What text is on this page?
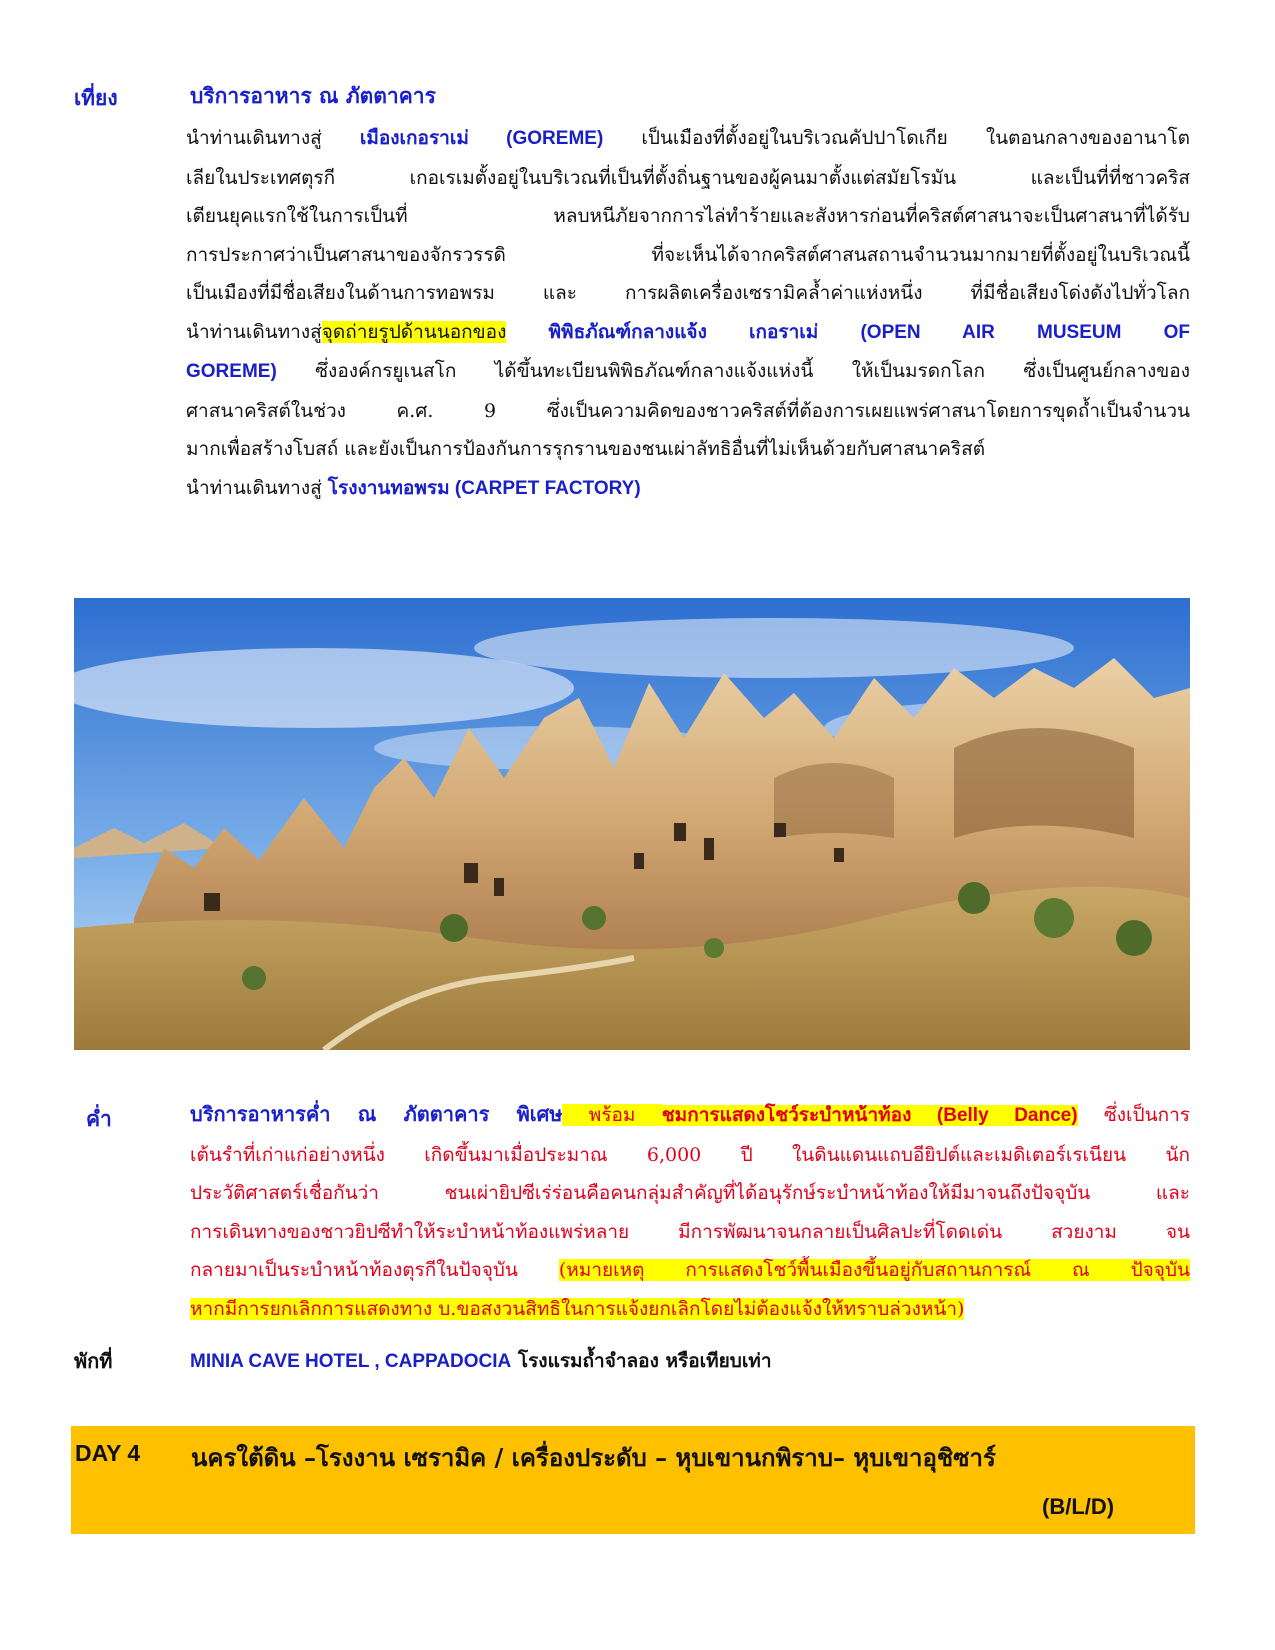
เที่ยง	บริการอาหาร ณ ภัตตาคาร

นำท่านเดินทางสู่ เมืองเกอราเม่ (GOREME) เป็นเมืองที่ตั้งอยู่ในบริเวณคัปปาโดเกีย ในตอนกลางของอานาโต

เลียในประเทศตุรกี เกอเรเมตั้งอยู่ในบริเวณที่เป็นที่ตั้งถิ่นฐานของผู้คนมาตั้งแต่สมัยโรมัน และเป็นที่ที่ชาวคริส

เตียนยุคแรกใช้ในการเป็นที่ หลบหนีภัยจากการไล่ทำร้ายและสังหารก่อนที่คริสต์ศาสนาจะเป็นศาสนาที่ได้รับ

การประกาศว่าเป็นศาสนาของจักรวรรดิ ที่จะเห็นได้จากคริสต์ศาสนสถานจำนวนมากมายที่ตั้งอยู่ในบริเวณนี้

เป็นเมืองที่มีชื่อเสียงในด้านการทอพรม และ การผลิตเครื่องเซรามิคล้ำค่าแห่งหนึ่ง ที่มีชื่อเสียงโด่งดังไปทั่วโลก

นำท่านเดินทางสู่จุดถ่ายรูปด้านนอกของ พิพิธภัณฑ์กลางแจ้ง เกอราเม่ (OPEN AIR MUSEUM OF

GOREME) ซึ่งองค์กรยูเนสโก ได้ขึ้นทะเบียนพิพิธภัณฑ์กลางแจ้งแห่งนี้ ให้เป็นมรดกโลก ซึ่งเป็นศูนย์กลางของ

ศาสนาคริสต์ในช่วง ค.ศ. 9 ซึ่งเป็นความคิดของชาวคริสต์ที่ต้องการเผยแพร่ศาสนาโดยการขุดถ้ำเป็นจำนวน

มากเพื่อสร้างโบสถ์ และยังเป็นการป้องกันการรุกรานของชนเผ่าลัทธิอื่นที่ไม่เห็นด้วยกับศาสนาคริสต์

นำท่านเดินทางสู่ โรงงานทอพรม (CARPET FACTORY)

ค่ำ	บริการอาหารค่ำ ณ ภัตตาคาร พิเศษ พร้อม ชมการแสดงโชว์ระบำหน้าท้อง (Belly Dance) ซึ่งเป็นการ

เต้นรำที่เก่าแก่อย่างหนึ่ง เกิดขึ้นมาเมื่อประมาณ 6,000 ปี ในดินแดนแถบอียิปต์และเมดิเตอร์เรเนียน นัก

ประวัติศาสตร์เชื่อกันว่า ชนเผ่ายิปซีเร่ร่อนคือคนกลุ่มสำคัญที่ได้อนุรักษ์ระบำหน้าท้องให้มีมาจนถึงปัจจุบัน และ

การเดินทางของชาวยิปซีทำให้ระบำหน้าท้องแพร่หลาย มีการพัฒนาจนกลายเป็นศิลปะที่โดดเด่น สวยงาม จน

กลายมาเป็นระบำหน้าท้องตุรกีในปัจจุบัน (หมายเหตุ การแสดงโชว์พื้นเมืองขึ้นอยู่กับสถานการณ์ ณ ปัจจุบัน

หากมีการยกเลิกการแสดงทาง บ.ขอสงวนสิทธิในการแจ้งยกเลิกโดยไม่ต้องแจ้งให้ทราบล่วงหน้า)

พักที่	MINIA CAVE HOTEL , CAPPADOCIA โรงแรมถ้ำจำลอง หรือเทียบเท่า
DAY 4 นครใต้ดิน –โรงงาน เซรามิค / เครื่องประดับ – หุบเขานกพิราบ– หุบเขาอุชิซาร์
(B/L/D)
